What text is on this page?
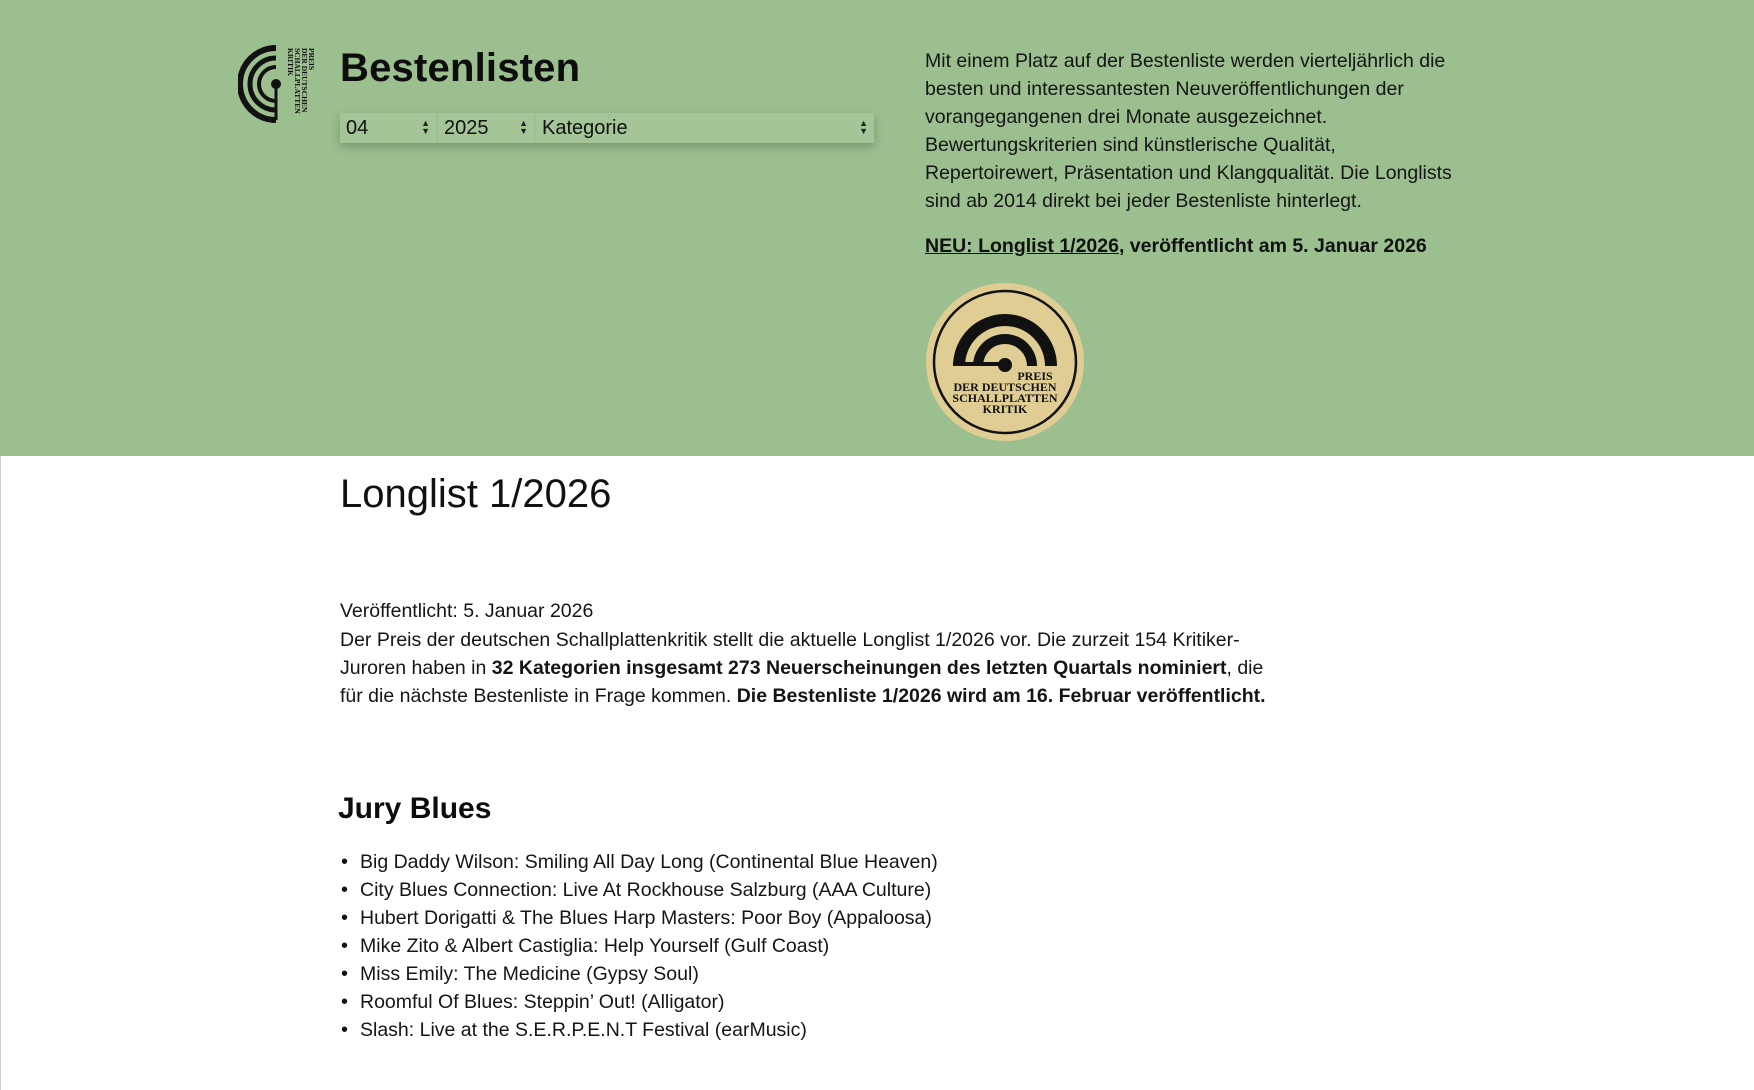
PREIS
DER DEUTSCHEN
SCHALLPLATTEN
KRITIK Bestenlisten
04	▲
▼ 2025	▲
▼ Kategorie	▲
▼

Mit einem Platz auf der Bestenliste werden vierteljährlich die besten und interessantesten Neuveröffentlichungen der vorangegangenen drei Monate ausgezeichnet. Bewertungskriterien sind künstlerische Qualität, Repertoirewert, Präsentation und Klangqualität. Die Longlists sind ab 2014 direkt bei jeder Bestenliste hinterlegt.

NEU: Longlist 1/2026, veröffentlicht am 5. Januar 2026

PREIS
DER DEUTSCHEN
SCHALLPLATTEN
KRITIK
Longlist 1/2026

Veröffentlicht: 5. Januar 2026

Der Preis der deutschen Schallplattenkritik stellt die aktuelle Longlist 1/2026 vor. Die zurzeit 154 Kritiker-Juroren haben in 32 Kategorien insgesamt 273 Neuerscheinungen des letzten Quartals nominiert, die für die nächste Bestenliste in Frage kommen. Die Bestenliste 1/2026 wird am 16. Februar veröffentlicht.

Jury Blues
• Big Daddy Wilson: Smiling All Day Long (Continental Blue Heaven)
• City Blues Connection: Live At Rockhouse Salzburg (AAA Culture)
• Hubert Dorigatti & The Blues Harp Masters: Poor Boy (Appaloosa)
• Mike Zito & Albert Castiglia: Help Yourself (Gulf Coast)
• Miss Emily: The Medicine (Gypsy Soul)
• Roomful Of Blues: Steppin’ Out! (Alligator)
• Slash: Live at the S.E.R.P.E.N.T Festival (earMusic)
